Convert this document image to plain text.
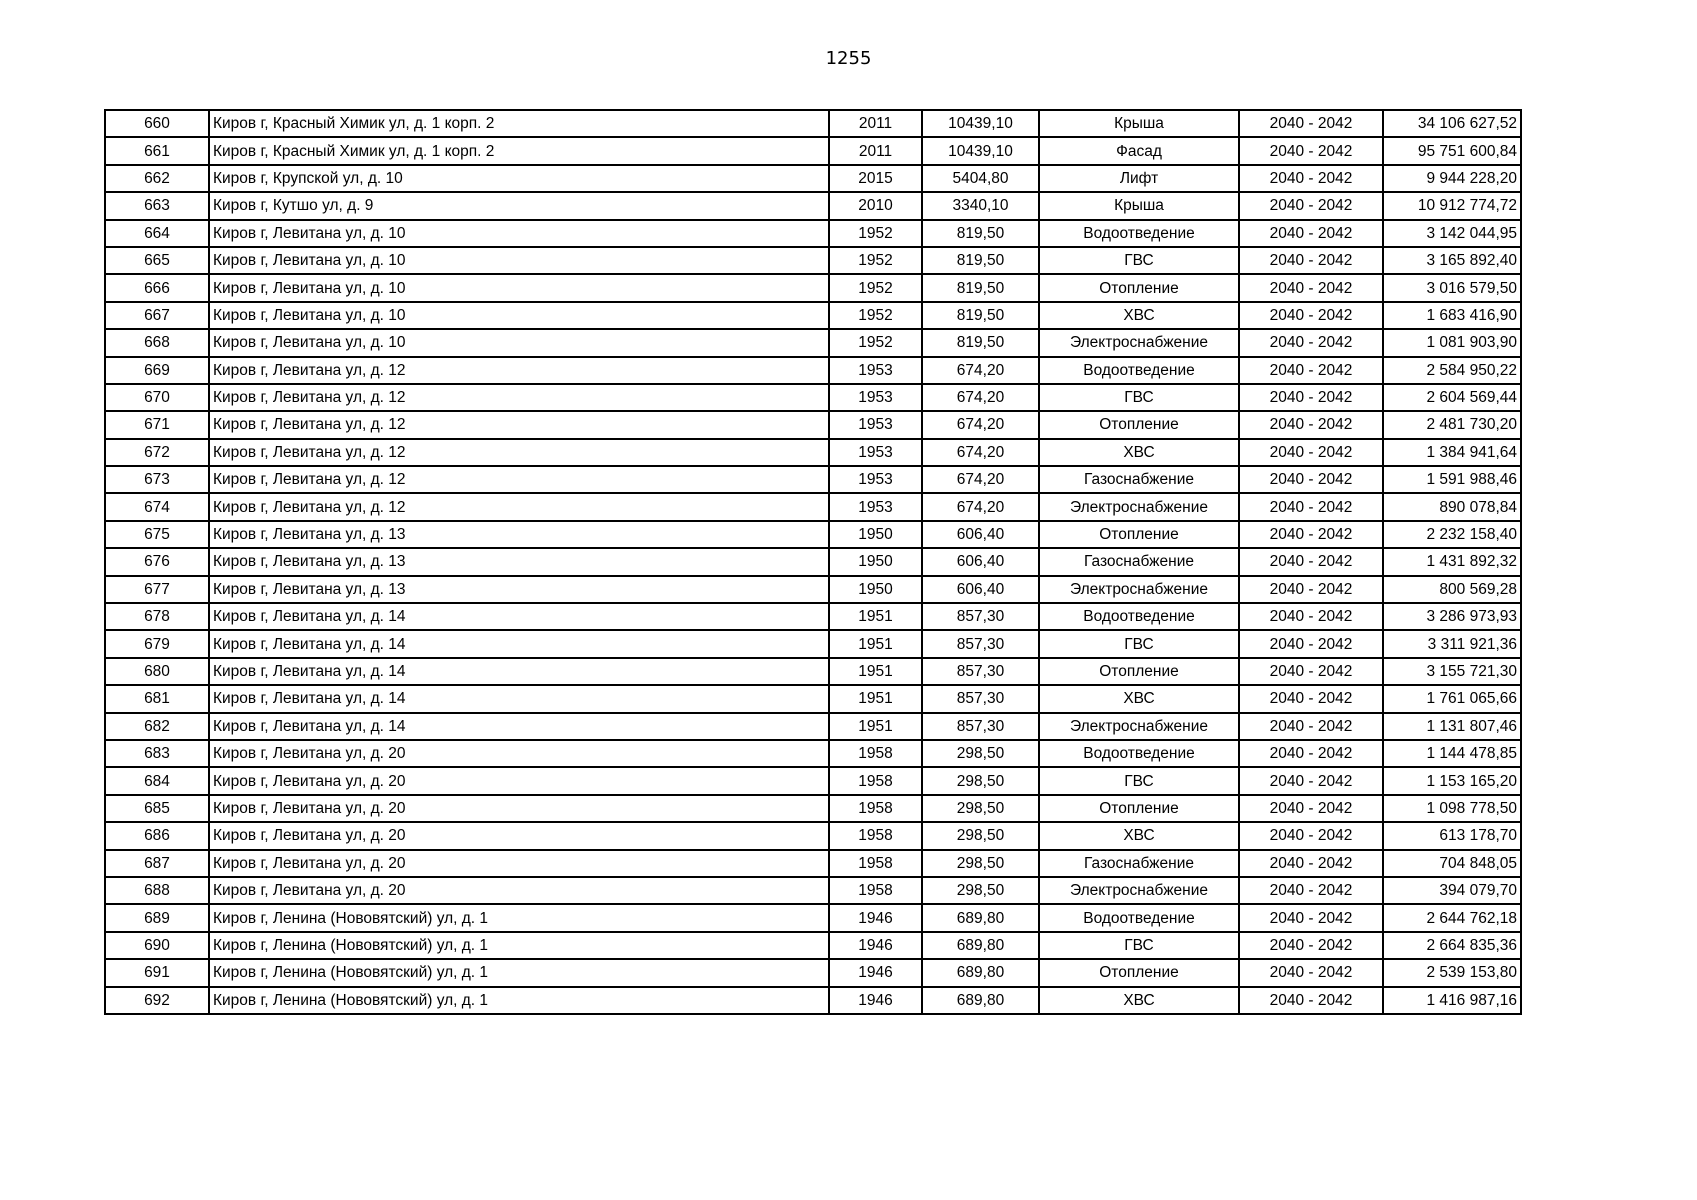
1255
660	Киров г, Красный Химик ул, д. 1 корп. 2	2011	10439,10	Крыша	2040 - 2042	34 106 627,52
661	Киров г, Красный Химик ул, д. 1 корп. 2	2011	10439,10	Фасад	2040 - 2042	95 751 600,84
662	Киров г, Крупской ул, д. 10	2015	5404,80	Лифт	2040 - 2042	9 944 228,20
663	Киров г, Кутшо ул, д. 9	2010	3340,10	Крыша	2040 - 2042	10 912 774,72
664	Киров г, Левитана ул, д. 10	1952	819,50	Водоотведение	2040 - 2042	3 142 044,95
665	Киров г, Левитана ул, д. 10	1952	819,50	ГВС	2040 - 2042	3 165 892,40
666	Киров г, Левитана ул, д. 10	1952	819,50	Отопление	2040 - 2042	3 016 579,50
667	Киров г, Левитана ул, д. 10	1952	819,50	ХВС	2040 - 2042	1 683 416,90
668	Киров г, Левитана ул, д. 10	1952	819,50	Электроснабжение	2040 - 2042	1 081 903,90
669	Киров г, Левитана ул, д. 12	1953	674,20	Водоотведение	2040 - 2042	2 584 950,22
670	Киров г, Левитана ул, д. 12	1953	674,20	ГВС	2040 - 2042	2 604 569,44
671	Киров г, Левитана ул, д. 12	1953	674,20	Отопление	2040 - 2042	2 481 730,20
672	Киров г, Левитана ул, д. 12	1953	674,20	ХВС	2040 - 2042	1 384 941,64
673	Киров г, Левитана ул, д. 12	1953	674,20	Газоснабжение	2040 - 2042	1 591 988,46
674	Киров г, Левитана ул, д. 12	1953	674,20	Электроснабжение	2040 - 2042	890 078,84
675	Киров г, Левитана ул, д. 13	1950	606,40	Отопление	2040 - 2042	2 232 158,40
676	Киров г, Левитана ул, д. 13	1950	606,40	Газоснабжение	2040 - 2042	1 431 892,32
677	Киров г, Левитана ул, д. 13	1950	606,40	Электроснабжение	2040 - 2042	800 569,28
678	Киров г, Левитана ул, д. 14	1951	857,30	Водоотведение	2040 - 2042	3 286 973,93
679	Киров г, Левитана ул, д. 14	1951	857,30	ГВС	2040 - 2042	3 311 921,36
680	Киров г, Левитана ул, д. 14	1951	857,30	Отопление	2040 - 2042	3 155 721,30
681	Киров г, Левитана ул, д. 14	1951	857,30	ХВС	2040 - 2042	1 761 065,66
682	Киров г, Левитана ул, д. 14	1951	857,30	Электроснабжение	2040 - 2042	1 131 807,46
683	Киров г, Левитана ул, д. 20	1958	298,50	Водоотведение	2040 - 2042	1 144 478,85
684	Киров г, Левитана ул, д. 20	1958	298,50	ГВС	2040 - 2042	1 153 165,20
685	Киров г, Левитана ул, д. 20	1958	298,50	Отопление	2040 - 2042	1 098 778,50
686	Киров г, Левитана ул, д. 20	1958	298,50	ХВС	2040 - 2042	613 178,70
687	Киров г, Левитана ул, д. 20	1958	298,50	Газоснабжение	2040 - 2042	704 848,05
688	Киров г, Левитана ул, д. 20	1958	298,50	Электроснабжение	2040 - 2042	394 079,70
689	Киров г, Ленина (Нововятский) ул, д. 1	1946	689,80	Водоотведение	2040 - 2042	2 644 762,18
690	Киров г, Ленина (Нововятский) ул, д. 1	1946	689,80	ГВС	2040 - 2042	2 664 835,36
691	Киров г, Ленина (Нововятский) ул, д. 1	1946	689,80	Отопление	2040 - 2042	2 539 153,80
692	Киров г, Ленина (Нововятский) ул, д. 1	1946	689,80	ХВС	2040 - 2042	1 416 987,16
